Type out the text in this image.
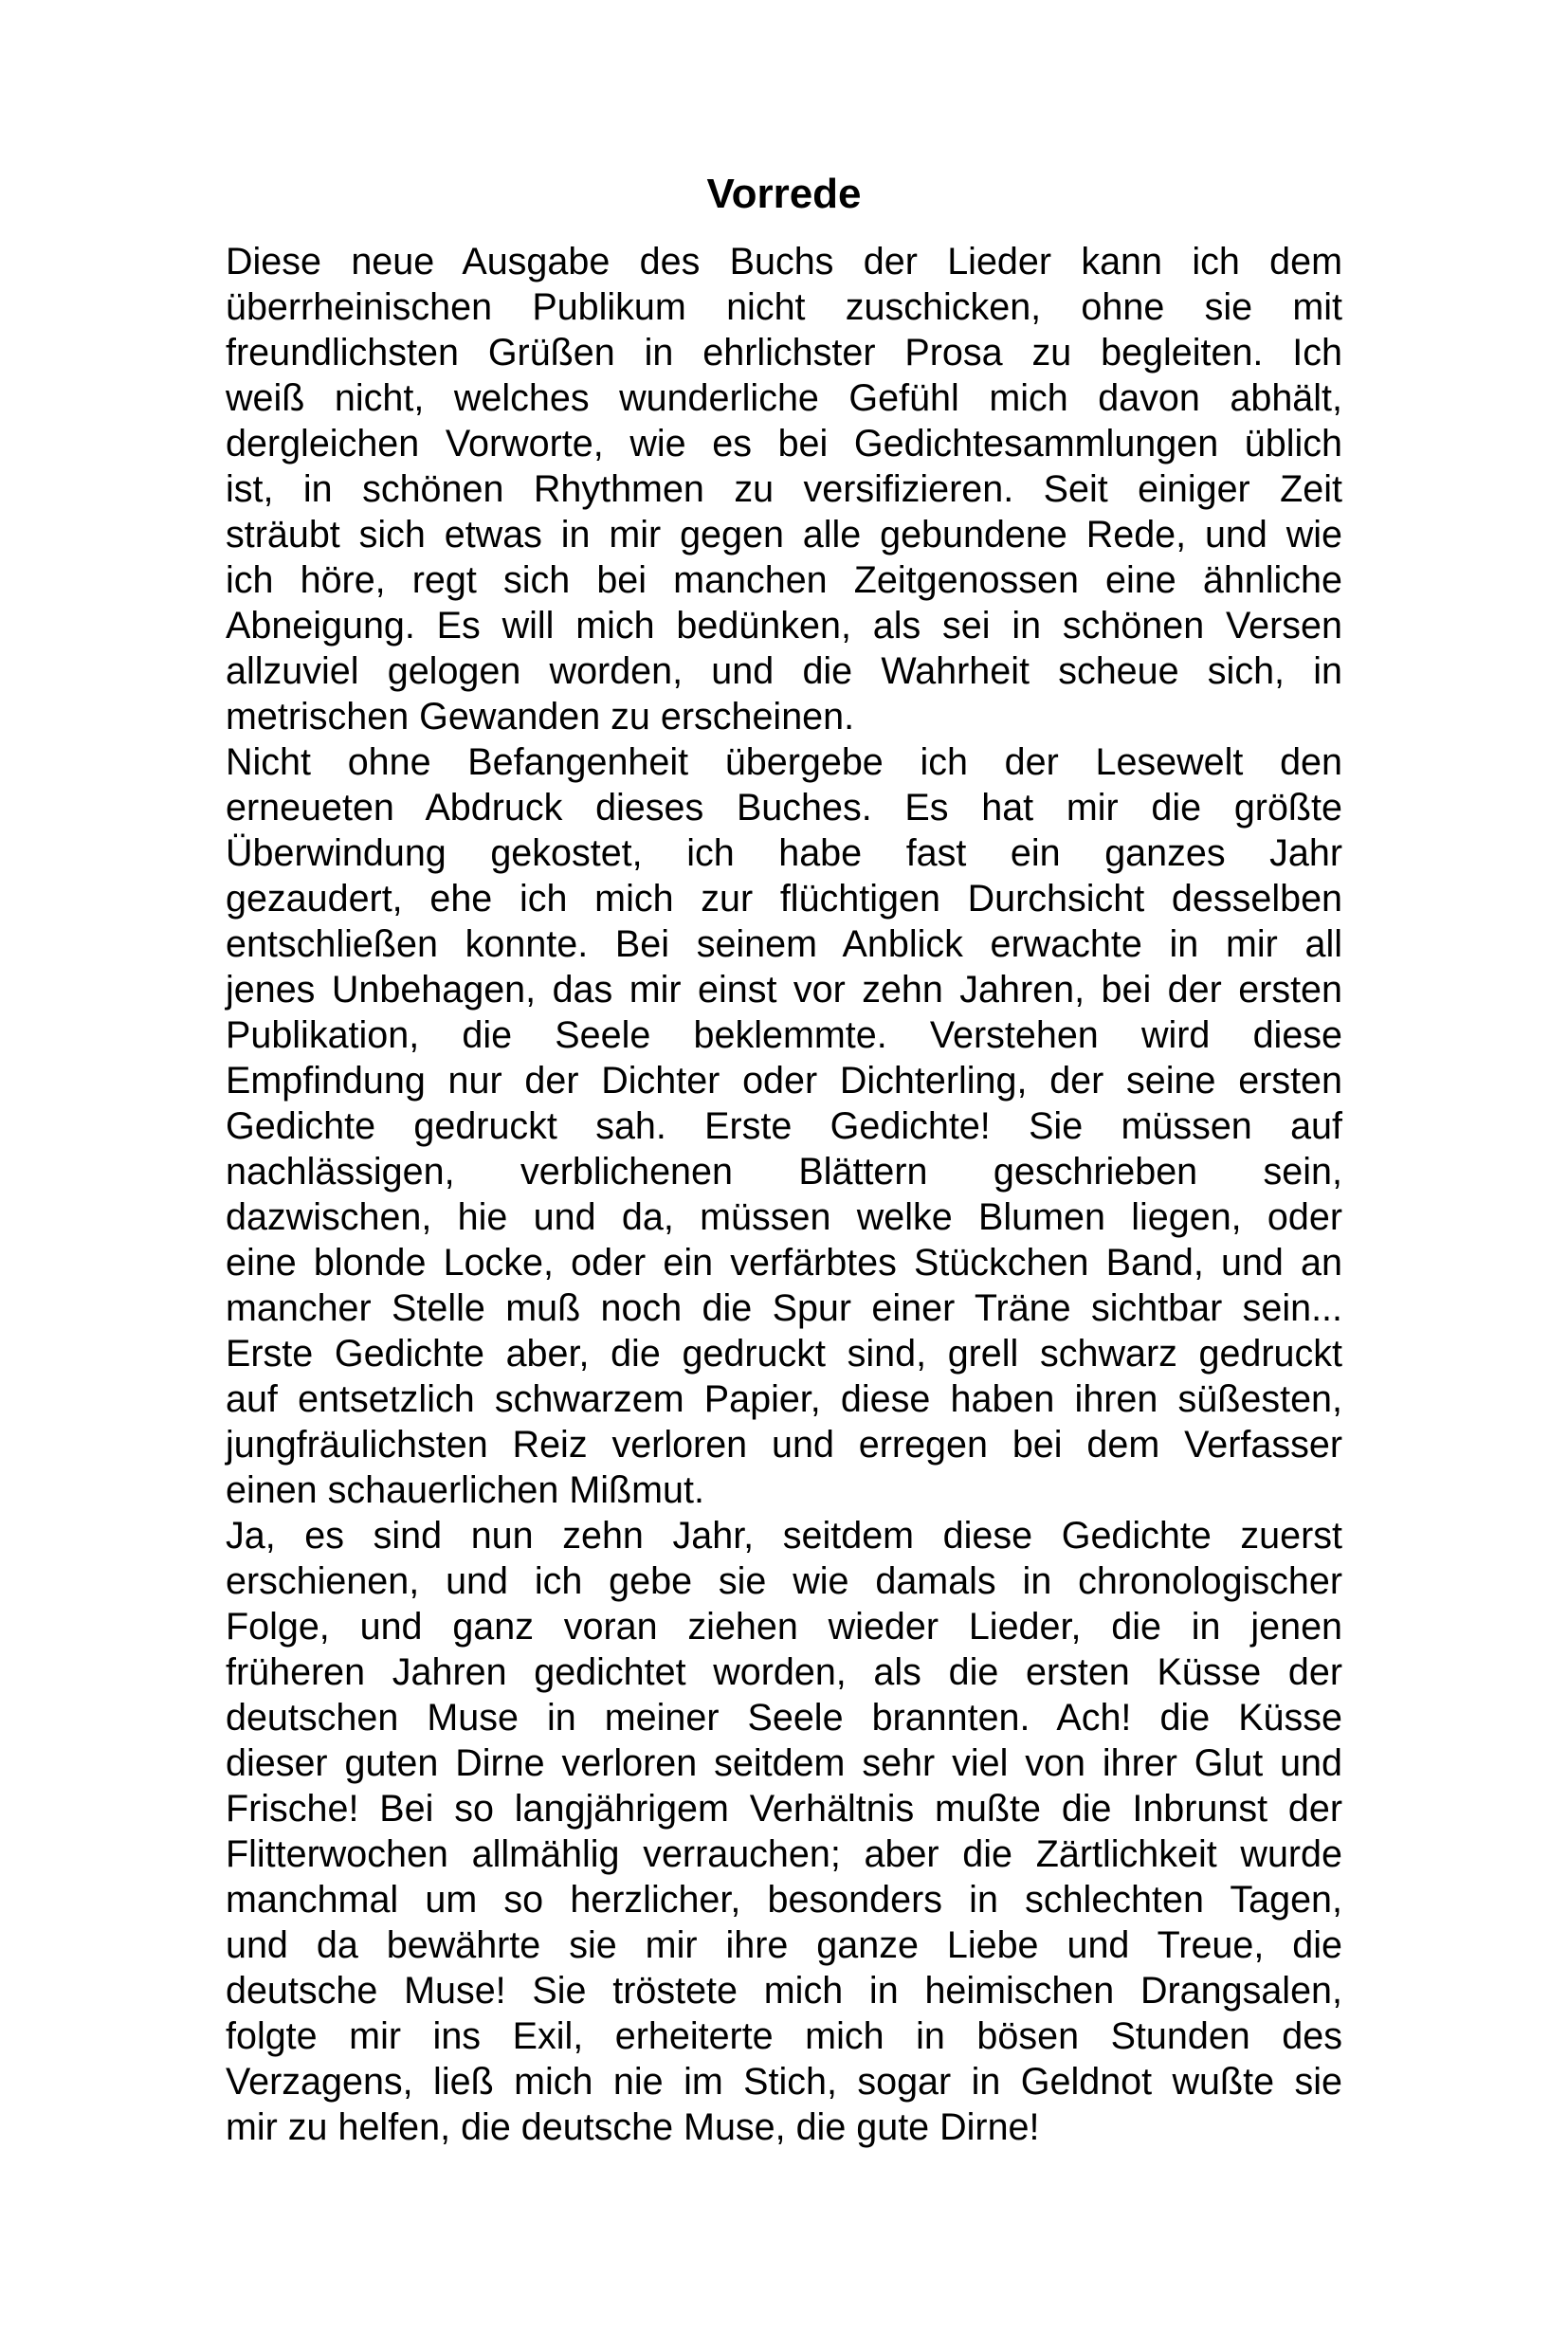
Vorrede

Diese neue Ausgabe des Buchs der Lieder kann ich dem
überrheinischen Publikum nicht zuschicken, ohne sie mit
freundlichsten Grüßen in ehrlichster Prosa zu begleiten. Ich
weiß nicht, welches wunderliche Gefühl mich davon abhält,
dergleichen Vorworte, wie es bei Gedichtesammlungen üblich
ist, in schönen Rhythmen zu versifizieren. Seit einiger Zeit
sträubt sich etwas in mir gegen alle gebundene Rede, und wie
ich höre, regt sich bei manchen Zeitgenossen eine ähnliche
Abneigung. Es will mich bedünken, als sei in schönen Versen
allzuviel gelogen worden, und die Wahrheit scheue sich, in
metrischen Gewanden zu erscheinen.

Nicht ohne Befangenheit übergebe ich der Lesewelt den
erneueten Abdruck dieses Buches. Es hat mir die größte
Überwindung gekostet, ich habe fast ein ganzes Jahr
gezaudert, ehe ich mich zur flüchtigen Durchsicht desselben
entschließen konnte. Bei seinem Anblick erwachte in mir all
jenes Unbehagen, das mir einst vor zehn Jahren, bei der ersten
Publikation, die Seele beklemmte. Verstehen wird diese
Empfindung nur der Dichter oder Dichterling, der seine ersten
Gedichte gedruckt sah. Erste Gedichte! Sie müssen auf
nachlässigen, verblichenen Blättern geschrieben sein,
dazwischen, hie und da, müssen welke Blumen liegen, oder
eine blonde Locke, oder ein verfärbtes Stückchen Band, und an
mancher Stelle muß noch die Spur einer Träne sichtbar sein...
Erste Gedichte aber, die gedruckt sind, grell schwarz gedruckt
auf entsetzlich schwarzem Papier, diese haben ihren süßesten,
jungfräulichsten Reiz verloren und erregen bei dem Verfasser
einen schauerlichen Mißmut.

Ja, es sind nun zehn Jahr, seitdem diese Gedichte zuerst
erschienen, und ich gebe sie wie damals in chronologischer
Folge, und ganz voran ziehen wieder Lieder, die in jenen
früheren Jahren gedichtet worden, als die ersten Küsse der
deutschen Muse in meiner Seele brannten. Ach! die Küsse
dieser guten Dirne verloren seitdem sehr viel von ihrer Glut und
Frische! Bei so langjährigem Verhältnis mußte die Inbrunst der
Flitterwochen allmählig verrauchen; aber die Zärtlichkeit wurde
manchmal um so herzlicher, besonders in schlechten Tagen,
und da bewährte sie mir ihre ganze Liebe und Treue, die
deutsche Muse! Sie tröstete mich in heimischen Drangsalen,
folgte mir ins Exil, erheiterte mich in bösen Stunden des
Verzagens, ließ mich nie im Stich, sogar in Geldnot wußte sie
mir zu helfen, die deutsche Muse, die gute Dirne!
